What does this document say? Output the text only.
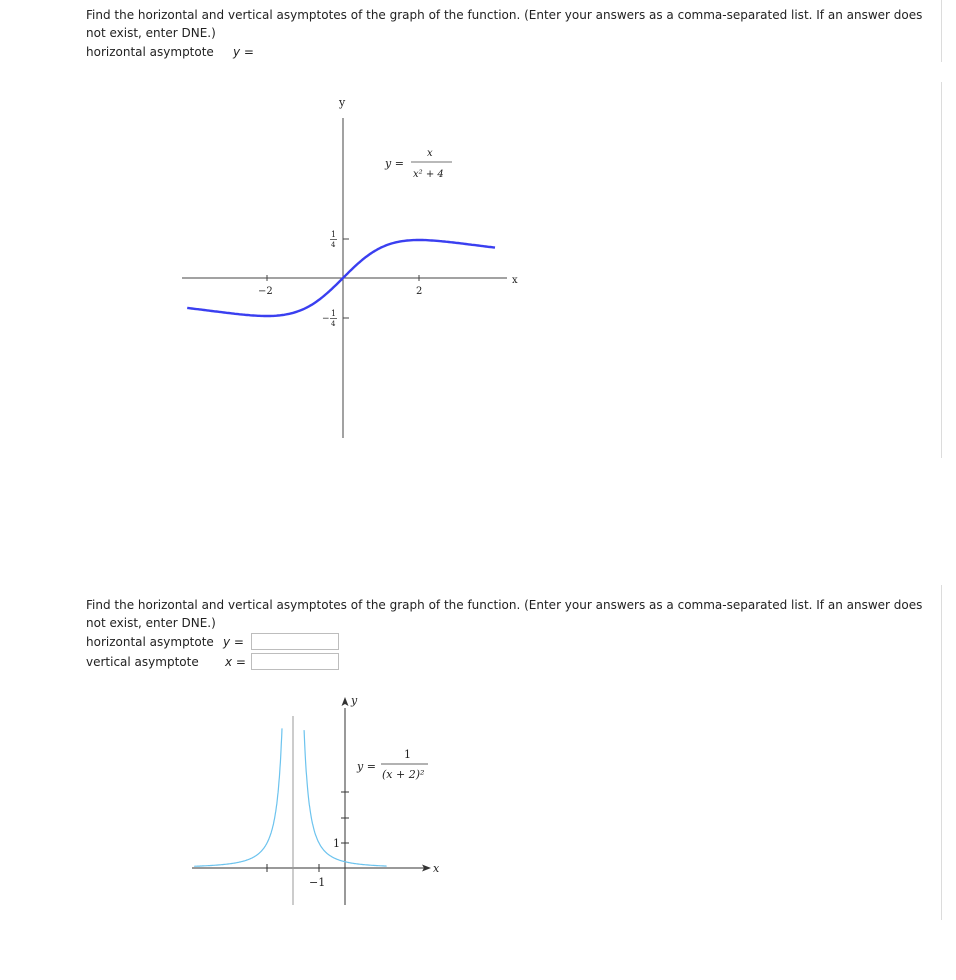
Find the horizontal and vertical asymptotes of the graph of the function. (Enter your answers as a comma-separated list. If an answer does not exist, enter DNE.)
horizontal asymptote y =
y
x
−2	2
1
4
−
1
4
y =
x
x² + 4
Find the horizontal and vertical asymptotes of the graph of the function. (Enter your answers as a comma-separated list. If an answer does not exist, enter DNE.)
horizontal asymptote y =
vertical asymptote x =
y
x
−1
1
y =
1
(x + 2)²
